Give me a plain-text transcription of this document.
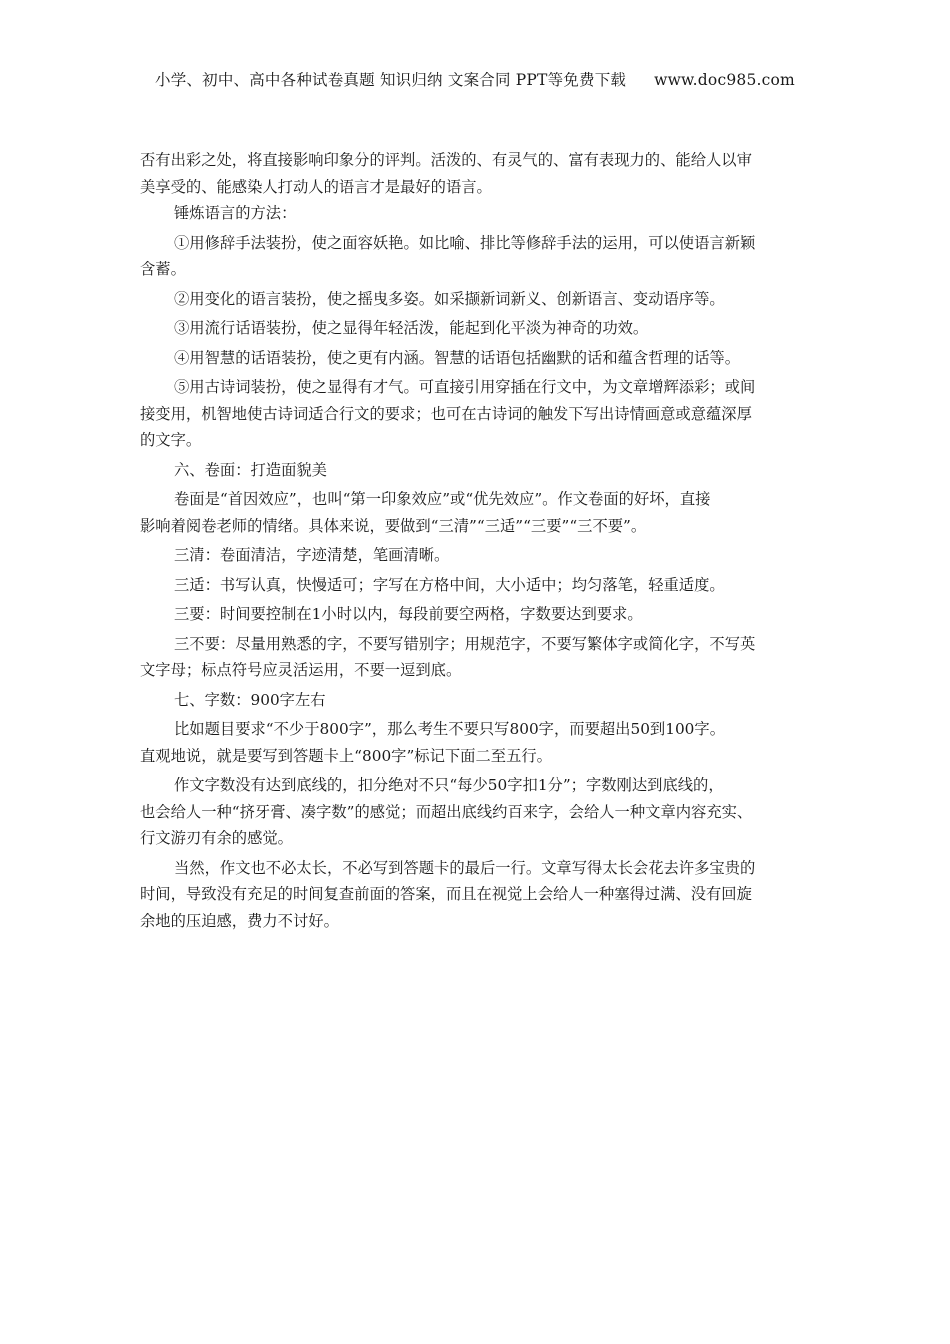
小学、初中、高中各种试卷真题 知识归纳 文案合同 PPT等免费下载 www.doc985.com

否有出彩之处，将直接影响印象分的评判。活泼的、有灵气的、富有表现力的、能给人以审

美享受的、能感染人打动人的语言才是最好的语言。

锤炼语言的方法：

①用修辞手法装扮，使之面容妖艳。如比喻、排比等修辞手法的运用，可以使语言新颖

含蓄。

②用变化的语言装扮，使之摇曳多姿。如采撷新词新义、创新语言、变动语序等。

③用流行话语装扮，使之显得年轻活泼，能起到化平淡为神奇的功效。

④用智慧的话语装扮，使之更有内涵。智慧的话语包括幽默的话和蕴含哲理的话等。

⑤用古诗词装扮，使之显得有才气。可直接引用穿插在行文中，为文章增辉添彩；或间

接变用，机智地使古诗词适合行文的要求；也可在古诗词的触发下写出诗情画意或意蕴深厚

的文字。

六、卷面：打造面貌美

卷面是“首因效应”，也叫“第一印象效应”或“优先效应”。作文卷面的好坏，直接

影响着阅卷老师的情绪。具体来说，要做到“三清”“三适”“三要”“三不要”。

三清：卷面清洁，字迹清楚，笔画清晰。

三适：书写认真，快慢适可；字写在方格中间，大小适中；均匀落笔，轻重适度。

三要：时间要控制在1小时以内，每段前要空两格，字数要达到要求。

三不要：尽量用熟悉的字，不要写错别字；用规范字，不要写繁体字或简化字，不写英

文字母；标点符号应灵活运用，不要一逗到底。

七、字数：900字左右

比如题目要求“不少于800字”，那么考生不要只写800字，而要超出50到100字。

直观地说，就是要写到答题卡上“800字”标记下面二至五行。

作文字数没有达到底线的，扣分绝对不只“每少50字扣1分”；字数刚达到底线的，

也会给人一种“挤牙膏、凑字数”的感觉；而超出底线约百来字，会给人一种文章内容充实、

行文游刃有余的感觉。

当然，作文也不必太长，不必写到答题卡的最后一行。文章写得太长会花去许多宝贵的

时间，导致没有充足的时间复查前面的答案，而且在视觉上会给人一种塞得过满、没有回旋

余地的压迫感，费力不讨好。
